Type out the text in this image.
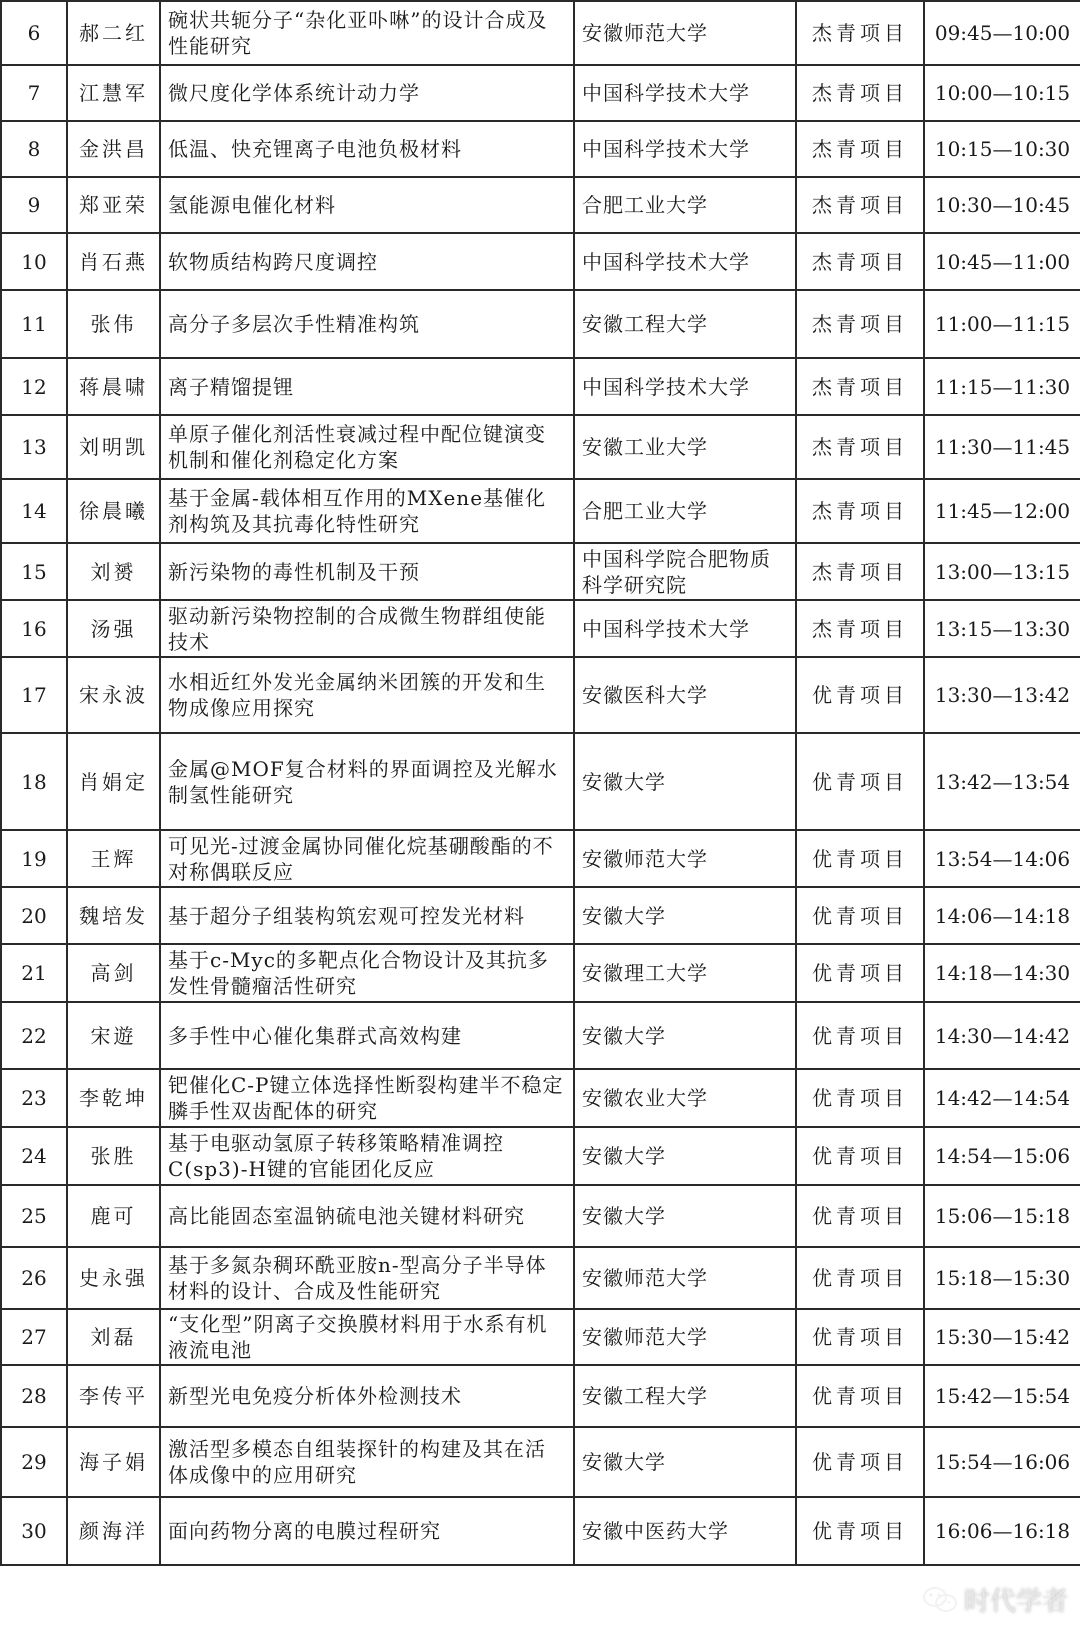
6	郝二红	碗状共轭分子“杂化亚卟啉”的设计合成及性能研究	安徽师范大学	杰青项目	09:45—10:00
7	江慧军	微尺度化学体系统计动力学	中国科学技术大学	杰青项目	10:00—10:15
8	金洪昌	低温、快充锂离子电池负极材料	中国科学技术大学	杰青项目	10:15—10:30
9	郑亚荣	氢能源电催化材料	合肥工业大学	杰青项目	10:30—10:45
10	肖石燕	软物质结构跨尺度调控	中国科学技术大学	杰青项目	10:45—11:00
11	张伟	高分子多层次手性精准构筑	安徽工程大学	杰青项目	11:00—11:15
12	蒋晨啸	离子精馏提锂	中国科学技术大学	杰青项目	11:15—11:30
13	刘明凯	单原子催化剂活性衰减过程中配位键演变机制和催化剂稳定化方案	安徽工业大学	杰青项目	11:30—11:45
14	徐晨曦	基于金属-载体相互作用的MXene基催化剂构筑及其抗毒化特性研究	合肥工业大学	杰青项目	11:45—12:00
15	刘赟	新污染物的毒性机制及干预	中国科学院合肥物质科学研究院	杰青项目	13:00—13:15
16	汤强	驱动新污染物控制的合成微生物群组使能技术	中国科学技术大学	杰青项目	13:15—13:30
17	宋永波	水相近红外发光金属纳米团簇的开发和生物成像应用探究	安徽医科大学	优青项目	13:30—13:42
18	肖娟定	金属@MOF复合材料的界面调控及光解水制氢性能研究	安徽大学	优青项目	13:42—13:54
19	王辉	可见光-过渡金属协同催化烷基硼酸酯的不对称偶联反应	安徽师范大学	优青项目	13:54—14:06
20	魏培发	基于超分子组装构筑宏观可控发光材料	安徽大学	优青项目	14:06—14:18
21	高剑	基于c-Myc的多靶点化合物设计及其抗多发性骨髓瘤活性研究	安徽理工大学	优青项目	14:18—14:30
22	宋遊	多手性中心催化集群式高效构建	安徽大学	优青项目	14:30—14:42
23	李乾坤	钯催化C-P键立体选择性断裂构建半不稳定膦手性双齿配体的研究	安徽农业大学	优青项目	14:42—14:54
24	张胜	基于电驱动氢原子转移策略精准调控C(sp3)-H键的官能团化反应	安徽大学	优青项目	14:54—15:06
25	鹿可	高比能固态室温钠硫电池关键材料研究	安徽大学	优青项目	15:06—15:18
26	史永强	基于多氮杂稠环酰亚胺n-型高分子半导体材料的设计、合成及性能研究	安徽师范大学	优青项目	15:18—15:30
27	刘磊	“支化型”阴离子交换膜材料用于水系有机液流电池	安徽师范大学	优青项目	15:30—15:42
28	李传平	新型光电免疫分析体外检测技术	安徽工程大学	优青项目	15:42—15:54
29	海子娟	激活型多模态自组装探针的构建及其在活体成像中的应用研究	安徽大学	优青项目	15:54—16:06
30	颜海洋	面向药物分离的电膜过程研究	安徽中医药大学	优青项目	16:06—16:18
时代学者
